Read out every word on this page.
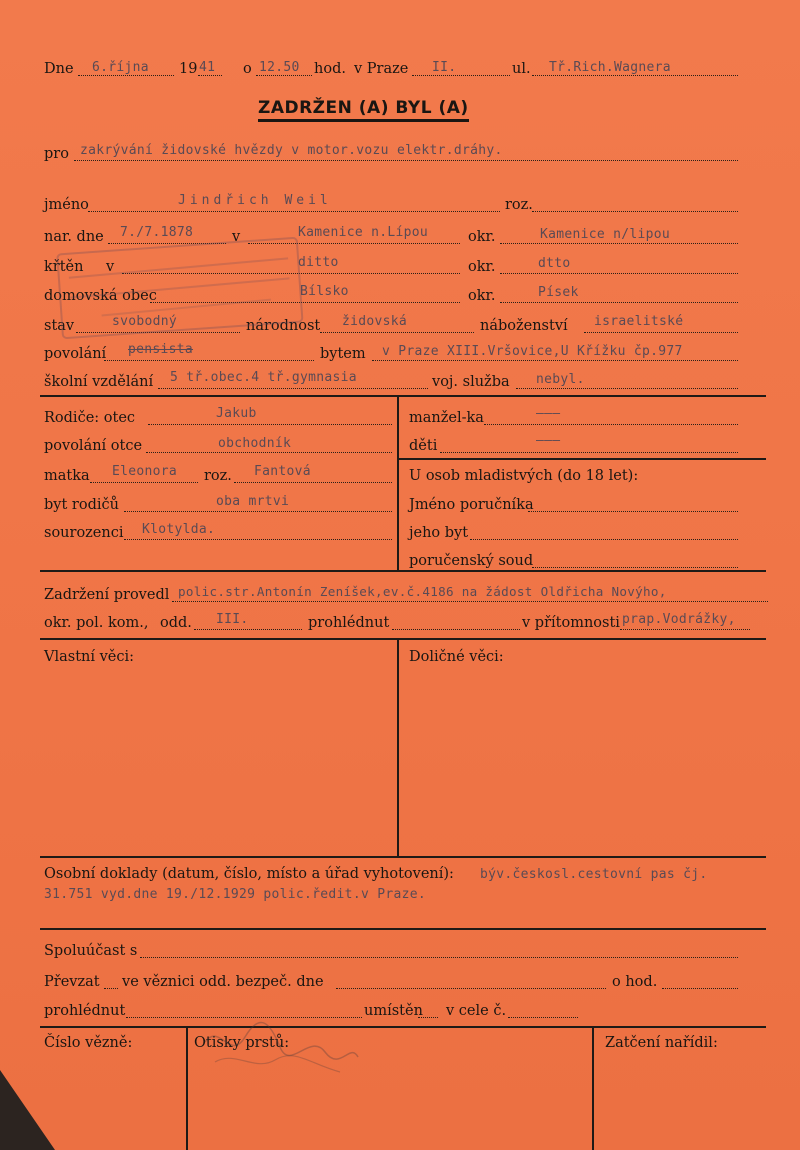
Dne 6.října 19 41 o 12.50 hod. v Praze II.	ul. Tř.Rich.Wagnera
ZADRŽEN (A) BYL (A)
pro zakrývání židovské hvězdy v motor.vozu elektr.dráhy.
jméno	Jindřich Weil	roz.
nar. dne 7./7.1878	v	Kamenice n.Lípou	okr.	Kamenice n/lipou
křtěn v	ditto	okr.	dtto
domovská obec	Bílsko	okr.	Písek
stav	svobodný	národnost židovská	náboženství israelitské
povolání pensista	bytem v Praze XIII.Vršovice,U Křížku čp.977
školní vzdělání 5 tř.obec.4 tř.gymnasia	voj. služba nebyl.
Rodiče: otec	Jakub
povolání otce	obchodník
matka Eleonora roz. Fantová
byt rodičů	oba mrtvi
sourozenci Klotylda.
manžel-ka	———
děti	———
U osob mladistvých (do 18 let):
Jméno poručníka
jeho byt
poručenský soud
Zadržení provedl polic.str.Antonín Zeníšek,ev.č.4186 na žádost Oldřicha Novýho,
okr. pol. kom., odd. III.	prohlédnut	v přítomnosti prap.Vodrážky,
Vlastní věci:	Doličné věci:
Osobní doklady (datum, číslo, místo a úřad vyhotovení): býv.českosl.cestovní pas čj.
31.751 vyd.dne 19./12.1929 polic.ředit.v Praze.
Spoluúčast s
Převzat ve věznici odd. bezpeč. dne	o hod.
prohlédnut	umístěn v cele č.
Číslo vězně:	Otisky prstů:	Zatčení nařídil:
